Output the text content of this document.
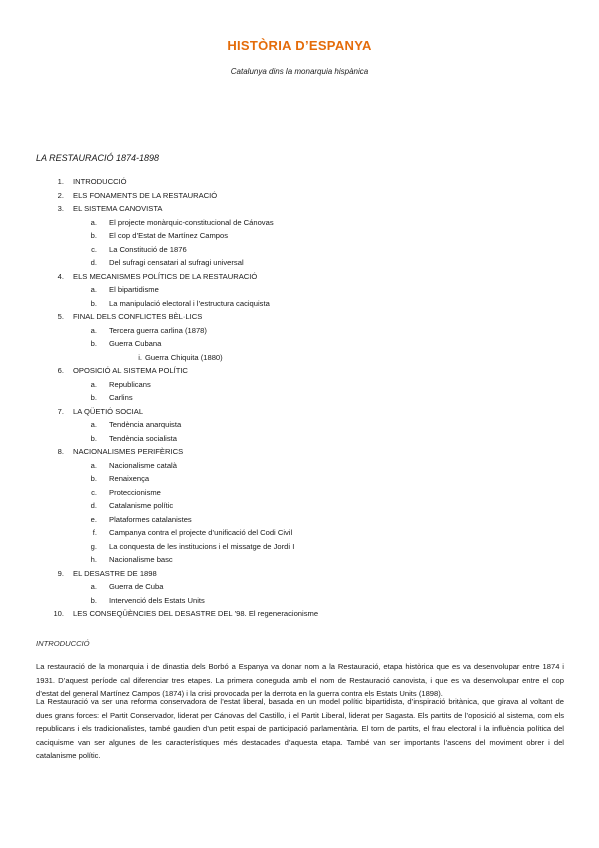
HISTÒRIA D’ESPANYA
Catalunya dins la monarquia hispànica
LA RESTAURACIÓ 1874-1898
1. INTRODUCCIÓ
2. ELS FONAMENTS DE LA RESTAURACIÓ
3. EL SISTEMA CANOVISTA
a. El projecte monàrquic-constitucional de Cánovas
b. El cop d’Estat de Martínez Campos
c. La Constitució de 1876
d. Del sufragi censatari al sufragi universal
4. ELS MECANISMES POLÍTICS DE LA RESTAURACIÓ
a. El bipartidisme
b. La manipulació electoral i l’estructura caciquista
5. FINAL DELS CONFLICTES BÈL·LICS
a. Tercera guerra carlina (1878)
b. Guerra Cubana
i. Guerra Chiquita (1880)
6. OPOSICIÓ AL SISTEMA POLÍTIC
a. Republicans
b. Carlins
7. LA QÜETIÓ SOCIAL
a. Tendència anarquista
b. Tendència socialista
8. NACIONALISMES PERIFÈRICS
a. Nacionalisme català
b. Renaixença
c. Proteccionisme
d. Catalanisme polític
e. Plataformes catalanistes
f. Campanya contra el projecte d’unificació del Codi Civil
g. La conquesta de les institucions i el missatge de Jordi I
h. Nacionalisme basc
9. EL DESASTRE DE 1898
a. Guerra de Cuba
b. Intervenció dels Estats Units
10. LES CONSEQÜÈNCIES DEL DESASTRE DEL ’98. El regeneracionisme
INTRODUCCIÓ

La restauració de la monarquia i de dinastia dels Borbó a Espanya va donar nom a la Restauració, etapa històrica que es va desenvolupar entre 1874 i 1931. D’aquest període cal diferenciar tres etapes. La primera coneguda amb el nom de Restauració canovista, i que es va desenvolupar entre el cop d’estat del general Martínez Campos (1874) i la crisi provocada per la derrota en la guerra contra els Estats Units (1898).

La Restauració va ser una reforma conservadora de l’estat liberal, basada en un model polític bipartidista, d’inspiració britànica, que girava al voltant de dues grans forces: el Partit Conservador, liderat per Cánovas del Castillo, i el Partit Liberal, liderat per Sagasta. Els partits de l’oposició al sistema, com els republicans i els tradicionalistes, també gaudien d’un petit espai de participació parlamentària. El torn de partits, el frau electoral i la influència política del caciquisme van ser algunes de les característiques més destacades d’aquesta etapa. També van ser importants l’ascens del moviment obrer i del catalanisme polític.
